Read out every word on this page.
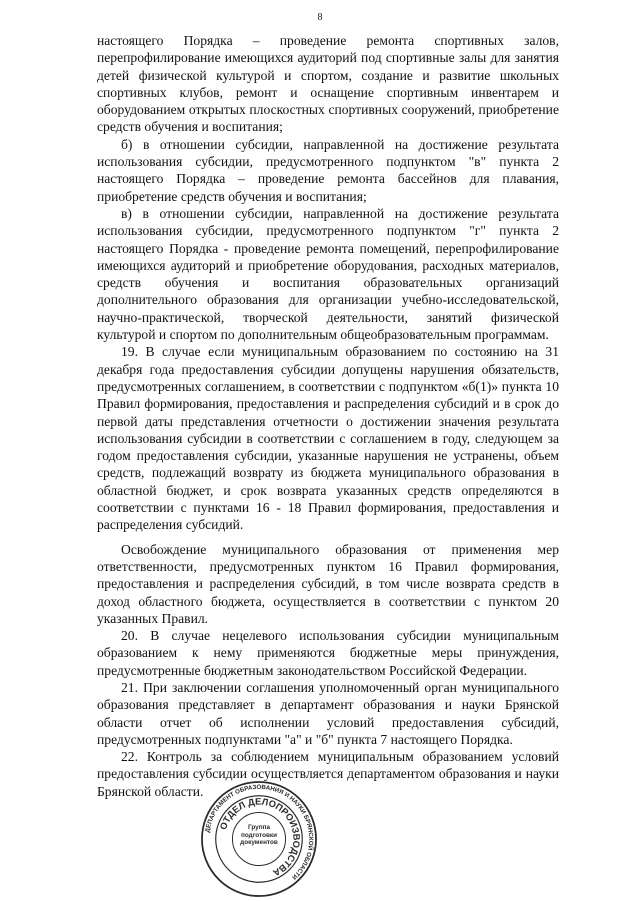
8

настоящего Порядка – проведение ремонта спортивных залов, перепрофилирование имеющихся аудиторий под спортивные залы для занятия детей физической культурой и спортом, создание и развитие школьных спортивных клубов, ремонт и оснащение спортивным инвентарем и оборудованием открытых плоскостных спортивных сооружений, приобретение средств обучения и воспитания;

б) в отношении субсидии, направленной на достижение результата использования субсидии, предусмотренного подпунктом "в" пункта 2 настоящего Порядка – проведение ремонта бассейнов для плавания, приобретение средств обучения и воспитания;

в) в отношении субсидии, направленной на достижение результата использования субсидии, предусмотренного подпунктом "г" пункта 2 настоящего Порядка - проведение ремонта помещений, перепрофилирование имеющихся аудиторий и приобретение оборудования, расходных материалов, средств обучения и воспитания образовательных организаций дополнительного образования для организации учебно-исследовательской, научно-практической, творческой деятельности, занятий физической культурой и спортом по дополнительным общеобразовательным программам.

19. В случае если муниципальным образованием по состоянию на 31 декабря года предоставления субсидии допущены нарушения обязательств, предусмотренных соглашением, в соответствии с подпунктом «б(1)» пункта 10 Правил формирования, предоставления и распределения субсидий и в срок до первой даты представления отчетности о достижении значения результата использования субсидии в соответствии с соглашением в году, следующем за годом предоставления субсидии, указанные нарушения не устранены, объем средств, подлежащий возврату из бюджета муниципального образования в областной бюджет, и срок возврата указанных средств определяются в соответствии с пунктами 16 - 18 Правил формирования, предоставления и распределения субсидий.

Освобождение муниципального образования от применения мер ответственности, предусмотренных пунктом 16 Правил формирования, предоставления и распределения субсидий, в том числе возврата средств в доход областного бюджета, осуществляется в соответствии с пунктом 20 указанных Правил.

20. В случае нецелевого использования субсидии муниципальным образованием к нему применяются бюджетные меры принуждения, предусмотренные бюджетным законодательством Российской Федерации.

21. При заключении соглашения уполномоченный орган муниципального образования представляет в департамент образования и науки Брянской области отчет об исполнении условий предоставления субсидий, предусмотренных подпунктами "а" и "б" пункта 7 настоящего Порядка.

22. Контроль за соблюдением муниципальным образованием условий предоставления субсидии осуществляется департаментом образования и науки Брянской области.

ДЕПАРТАМЕНТ ОБРАЗОВАНИЯ И НАУКИ БРЯНСКОЙ ОБЛАСТИ
ОТДЕЛ ДЕЛОПРОИЗВОДСТВА
Группа подготовки документов
